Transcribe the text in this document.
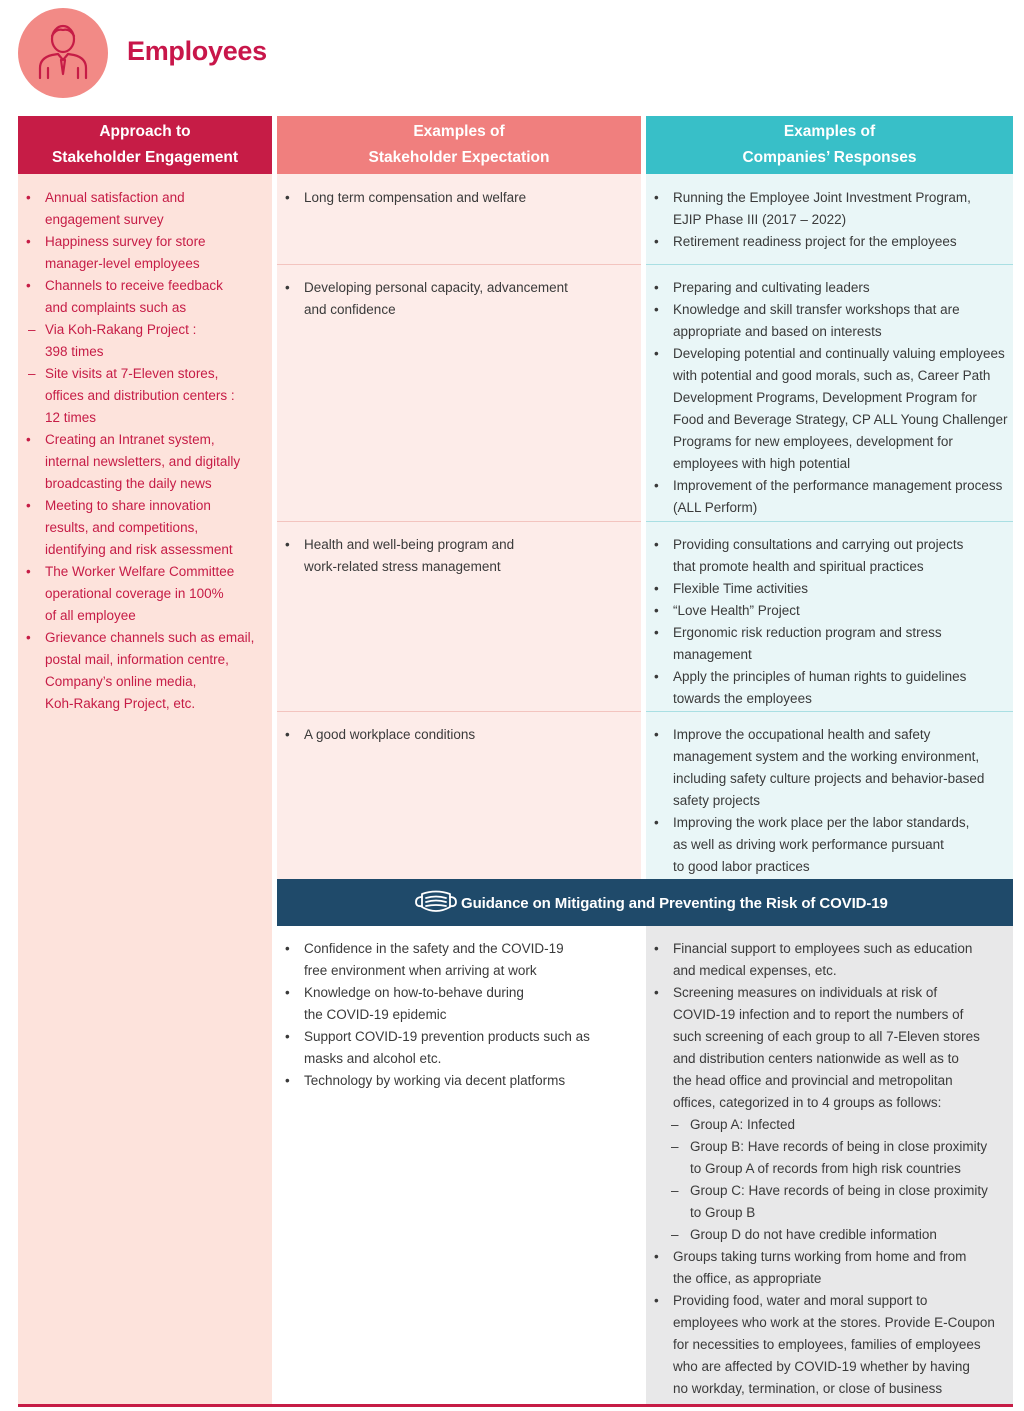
Employees
Approach to
Stakeholder Engagement
Examples of
Stakeholder Expectation
Examples of
Companies’ Responses
• Annual satisfaction and
engagement survey
• Happiness survey for store
manager-level employees
• Channels to receive feedback
and complaints such as
– Via Koh-Rakang Project :
398 times
– Site visits at 7-Eleven stores,
offices and distribution centers :
12 times
• Creating an Intranet system,
internal newsletters, and digitally
broadcasting the daily news
• Meeting to share innovation
results, and competitions,
identifying and risk assessment
• The Worker Welfare Committee
operational coverage in 100%
of all employee
• Grievance channels such as email,
postal mail, information centre,
Company’s online media,
Koh-Rakang Project, etc.
• Long term compensation and welfare	• Running the Employee Joint Investment Program,
EJIP Phase III (2017 – 2022)
• Retirement readiness project for the employees
• Developing personal capacity, advancement
and confidence
• Preparing and cultivating leaders
• Knowledge and skill transfer workshops that are
appropriate and based on interests
• Developing potential and continually valuing employees
with potential and good morals, such as, Career Path
Development Programs, Development Program for
Food and Beverage Strategy, CP ALL Young Challenger
Programs for new employees, development for
employees with high potential
• Improvement of the performance management process
(ALL Perform)
• Health and well-being program and
work-related stress management
• Providing consultations and carrying out projects
that promote health and spiritual practices
• Flexible Time activities
• “Love Health” Project
• Ergonomic risk reduction program and stress
management
• Apply the principles of human rights to guidelines
towards the employees
• A good workplace conditions	• Improve the occupational health and safety
management system and the working environment,
including safety culture projects and behavior-based
safety projects
• Improving the work place per the labor standards,
as well as driving work performance pursuant
to good labor practices
Guidance on Mitigating and Preventing the Risk of COVID-19
• Confidence in the safety and the COVID-19
free environment when arriving at work
• Knowledge on how-to-behave during
the COVID-19 epidemic
• Support COVID-19 prevention products such as
masks and alcohol etc.
• Technology by working via decent platforms
• Financial support to employees such as education
and medical expenses, etc.
• Screening measures on individuals at risk of
COVID-19 infection and to report the numbers of
such screening of each group to all 7-Eleven stores
and distribution centers nationwide as well as to
the head office and provincial and metropolitan
offices, categorized in to 4 groups as follows:
– Group A: Infected
– Group B: Have records of being in close proximity
to Group A of records from high risk countries
– Group C: Have records of being in close proximity
to Group B
– Group D do not have credible information
• Groups taking turns working from home and from
the office, as appropriate
• Providing food, water and moral support to
employees who work at the stores. Provide E-Coupon
for necessities to employees, families of employees
who are affected by COVID-19 whether by having
no workday, termination, or close of business
